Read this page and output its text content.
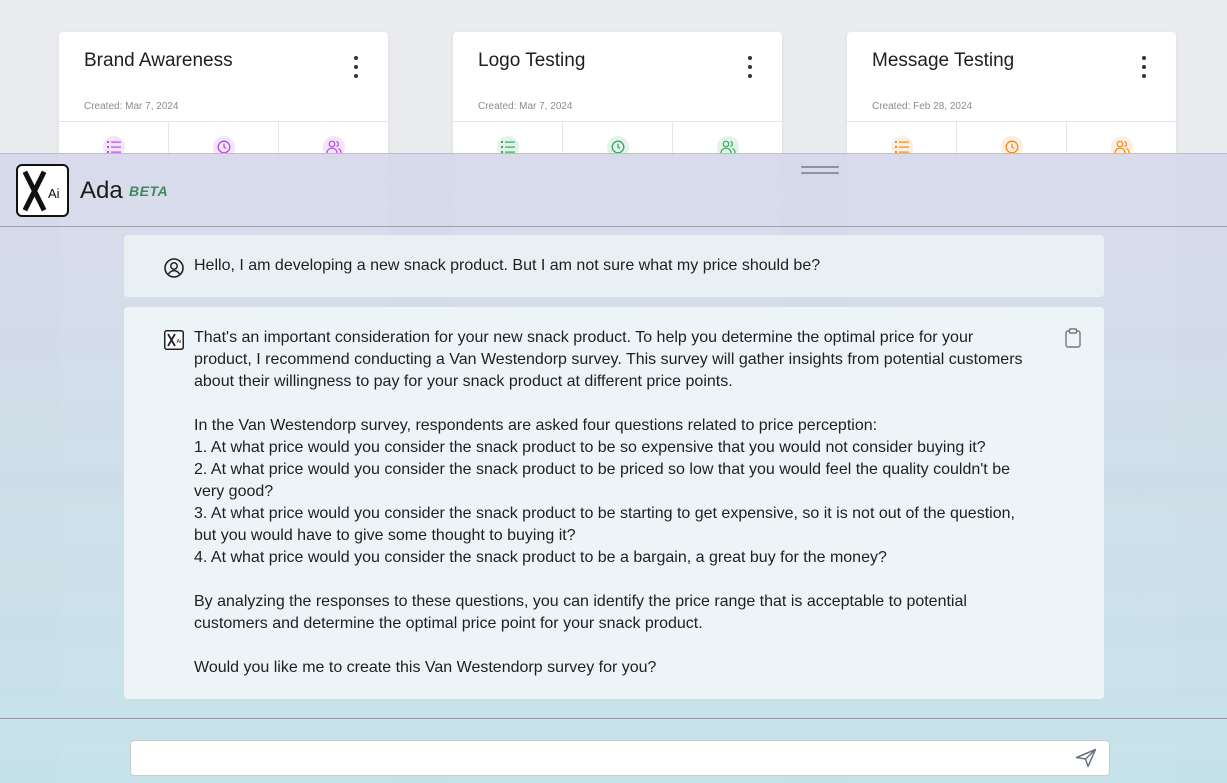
Brand Awareness
Created: Mar 7, 2024
Logo Testing
Created: Mar 7, 2024
Message Testing
Created: Feb 28, 2024
Ai Ada BETA
Hello, I am developing a new snack product. But I am not sure what my price should be?
Ai That's an important consideration for your new snack product. To help you determine the optimal price for your
product, I recommend conducting a Van Westendorp survey. This survey will gather insights from potential customers
about their willingness to pay for your snack product at different price points.

In the Van Westendorp survey, respondents are asked four questions related to price perception:
1. At what price would you consider the snack product to be so expensive that you would not consider buying it?
2. At what price would you consider the snack product to be priced so low that you would feel the quality couldn't be
very good?
3. At what price would you consider the snack product to be starting to get expensive, so it is not out of the question,
but you would have to give some thought to buying it?
4. At what price would you consider the snack product to be a bargain, a great buy for the money?

By analyzing the responses to these questions, you can identify the price range that is acceptable to potential
customers and determine the optimal price point for your snack product.

Would you like me to create this Van Westendorp survey for you?
